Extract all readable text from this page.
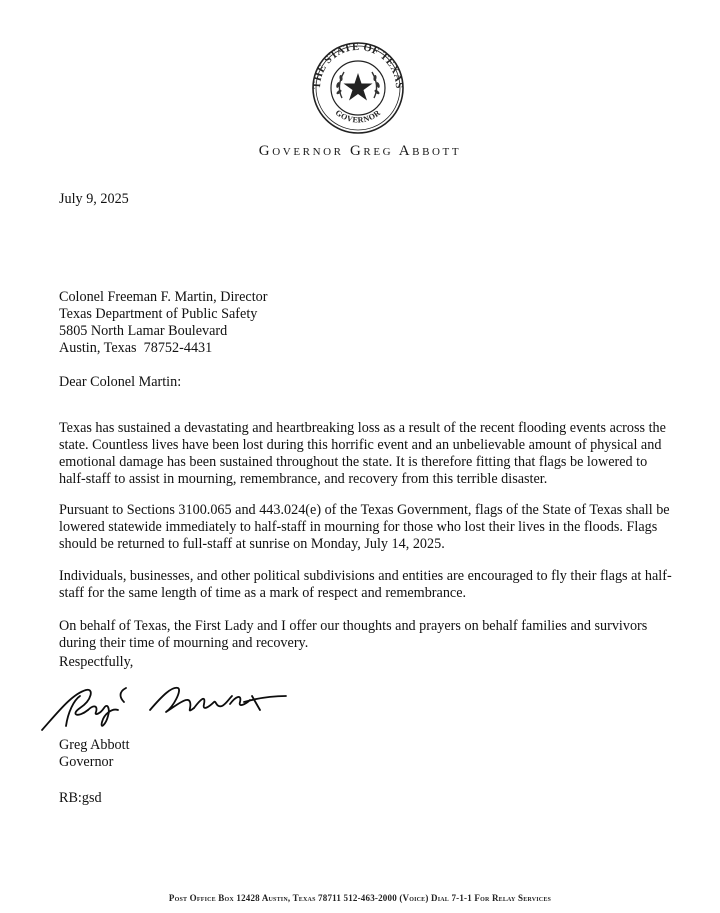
THE STATE OF TEXAS
GOVERNOR
Governor Greg Abbott
July 9, 2025
Colonel Freeman F. Martin, Director
Texas Department of Public Safety
5805 North Lamar Boulevard
Austin, Texas  78752-4431
Dear Colonel Martin:

Texas has sustained a devastating and heartbreaking loss as a result of the recent flooding events across the state. Countless lives have been lost during this horrific event and an unbelievable amount of physical and emotional damage has been sustained throughout the state. It is therefore fitting that flags be lowered to half-staff to assist in mourning, remembrance, and recovery from this terrible disaster.

Pursuant to Sections 3100.065 and 443.024(e) of the Texas Government, flags of the State of Texas shall be lowered statewide immediately to half-staff in mourning for those who lost their lives in the floods. Flags should be returned to full-staff at sunrise on Monday, July 14, 2025.

Individuals, businesses, and other political subdivisions and entities are encouraged to fly their flags at half-staff for the same length of time as a mark of respect and remembrance.

On behalf of Texas, the First Lady and I offer our thoughts and prayers on behalf families and survivors during their time of mourning and recovery.

Respectfully,
Greg Abbott
Governor
RB:gsd
Post Office Box 12428 Austin, Texas 78711 512-463-2000 (Voice) Dial 7-1-1 For Relay Services
